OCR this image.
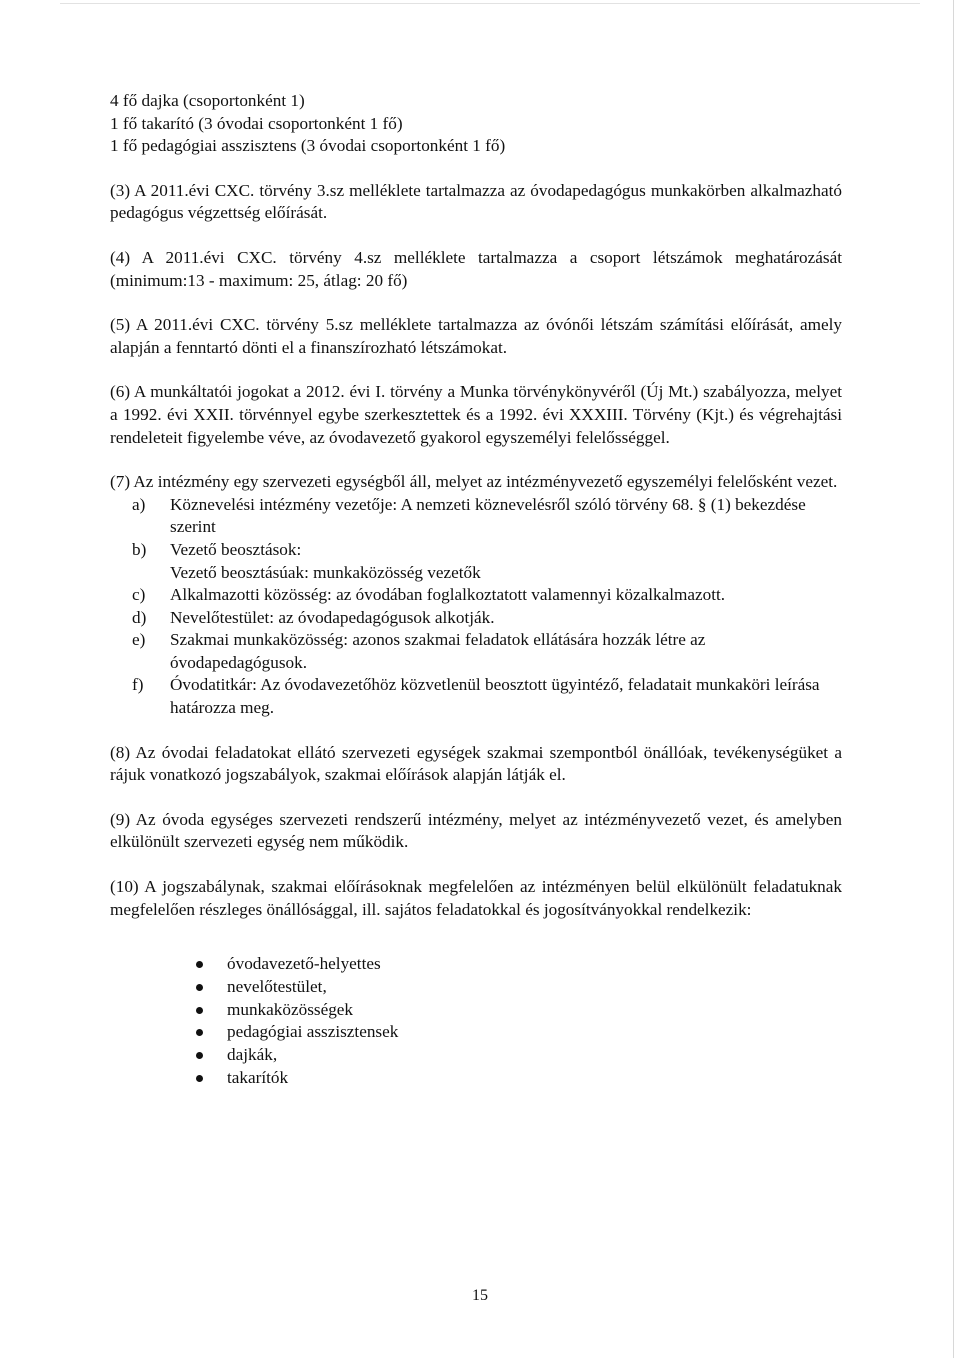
4 fő dajka (csoportonként 1)
1 fő takarító (3 óvodai csoportonként 1 fő)
1 fő pedagógiai asszisztens (3 óvodai csoportonként 1 fő)

(3) A 2011.évi CXC. törvény 3.sz melléklete tartalmazza az óvodapedagógus munkakörben alkalmazható pedagógus végzettség előírását.

(4) A 2011.évi CXC. törvény 4.sz melléklete tartalmazza a csoport létszámok meghatározását (minimum:13 - maximum: 25, átlag: 20 fő)

(5) A 2011.évi CXC. törvény 5.sz melléklete tartalmazza az óvónői létszám számítási előírását, amely alapján a fenntartó dönti el a finanszírozható létszámokat.

(6) A munkáltatói jogokat a 2012. évi I. törvény a Munka törvénykönyvéről (Új Mt.) szabályozza, melyet a 1992. évi XXII. törvénnyel egybe szerkesztettek és a 1992. évi XXXIII. Törvény (Kjt.) és végrehajtási rendeleteit figyelembe véve, az óvodavezető gyakorol egyszemélyi felelősséggel.

(7) Az intézmény egy szervezeti egységből áll, melyet az intézményvezető egyszemélyi felelősként vezet.

a) Köznevelési intézmény vezetője: A nemzeti köznevelésről szóló törvény 68. § (1) bekezdése szerint
b) Vezető beosztások:
Vezető beosztásúak: munkaközösség vezetők
c) Alkalmazotti közösség: az óvodában foglalkoztatott valamennyi közalkalmazott.
d) Nevelőtestület: az óvodapedagógusok alkotják.
e) Szakmai munkaközösség: azonos szakmai feladatok ellátására hozzák létre az óvodapedagógusok.
f) Óvodatitkár: Az óvodavezetőhöz közvetlenül beosztott ügyintéző, feladatait munkaköri leírása határozza meg.

(8) Az óvodai feladatokat ellátó szervezeti egységek szakmai szempontból önállóak, tevékenységüket a rájuk vonatkozó jogszabályok, szakmai előírások alapján látják el.

(9) Az óvoda egységes szervezeti rendszerű intézmény, melyet az intézményvezető vezet, és amelyben elkülönült szervezeti egység nem működik.

(10) A jogszabálynak, szakmai előírásoknak megfelelően az intézményen belül elkülönült feladatuknak megfelelően részleges önállósággal, ill. sajátos feladatokkal és jogosítványokkal rendelkezik:

óvodavezető-helyettes
nevelőtestület,
munkaközösségek
pedagógiai asszisztensek
dajkák,
takarítók
15
